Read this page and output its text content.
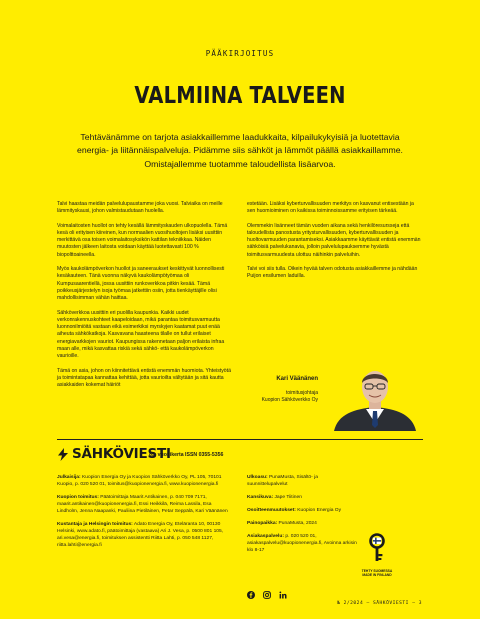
PÄÄKIRJOITUS
VALMIINA TALVEEN
Tehtävänämme on tarjota asiakkaillemme laadukkaita, kilpailukykyisiä ja luotettavia energia- ja liitännäispalveluja. Pidämme siis sähköt ja lämmöt päällä asiakkaillamme. Omistajallemme tuotamme taloudellista lisäarvoa.

Talvi haastaa meidän palvelulupaustamme joka vuosi. Talviaika on meille lämmityskausi, johon valmistaudutaan huolella.

Voimalaitosten huollot on tehty kesällä lämmityskauden ulkopuolella. Tämä kesä oli erityisen kiireinen, kun normaalien vuosihuoltojen lisäksi uusittiin merkittävä osa toisen voimalaitosyksikön kattilan tekniikkaa. Näiden muutosten jälkeen laitosta voidaan käyttää luotettavasti 100 % biopolttoaineella.

Myös kaukolämpöverkon huollot ja saneeraukset keskittyvät luonnollisesti kesäkauteen. Tänä vuonna näkyvä kaukolämpötyömaa oli Kumpusaarentiellä, jossa uusittiin runkoverkkoa pitkin kesää. Tämä poikkeusjärjestelyn isoja työmaa jatkettiin osiin, jotta tienkäyttäjille olisi mahdollisimman vähän haittaa.

Sähköverkkoa uusittiin eri puolilla kaupunkia. Kaikki uudet verkonrakennuskohteet kaapeloidaan, mikä parantaa toimitusvarmuutta luonnonilmiöitä vastaan eikä esimerkiksi myrskyjen kaatamat puut enää aiheuta sähkökatkoja. Kasvavana haasteena tilalle on tullut erilaiset energiavarkkojen vauriot. Kaupungissa rakennetaan paljon erilaista infraa maan alle, mikä kasvattaa riskiä sekä sähkö- että kaukolämpöverkon vaurioille.

Tämä on asia, johon on kiinnitettävä entistä enemmän huomiota. Yhteistyötä ja toimintatapaa kannattaa kehittää, jotta vaurioilta vältytään ja sitä kautta asiakkaiden kokemat häiriöt

estetään. Lisäksi kyberturvallisuuden merkitys on kasvanut entisestään ja sen huomioiminen on kaikissa toiminnoissamme erityisen tärkeää.

Olemmekin lisänneet tämän vuoden aikana sekä henkilöresursseja että taloudellista panostusta yritysturvallisuuden, kyberturvallisuuden ja huoltovarmuuden parantamiseksi. Asiakkaamme käyttävät entistä enemmän sähköisiä palvelukanavia, jolloin palvelulupauksemme hyvästä toimitusvarmuudesta ulottuu näihinkin palveluihin.

Talvi voi siis tulla. Oikein hyvää talven odotusta asiakkaillemme ja nähdään Puijon ensilumen laduilla.

Kari Väänänen
toimitusjohtaja
Kuopion Sähköverkko Oy
SÄHKÖVIESTI
85. vuosikerta ISSN 0355-5356

Julkaisija: Kuopion Energia Oy ja Kuopion Sähköverkko Oy, PL 105, 70101 Kuopio, p. 020 520 01, toimitus@kuopionenergia.fi, www.kuopionenergia.fi

Kuopion toimitus: Päätoimittaja Maarit Antikainen, p. 040 709 7171, maarit.antikainen@kuopionenergia.fi, Essi Heikkilä, Reima Lassila, Esa Lindholm, Jenna Naapanki, Pauliina Pietiläinen, Petar Seppälä, Kari Väänänen

Kustantaja ja Helsingin toimitus: Adato Energia Oy, Eteläranta 10, 00130 Helsinki, www.adato.fi, päätoimittaja (vastaava) Ari J. Vesa, p. 0500 801 105, ari.vesa@energia.fi, toimituksen assistentti Riitta Lahti, p. 050 548 1127, riitta.lahti@energia.fi

Ulkoasu: PunaMusta, Sisältö- ja suunnittelupalvelut

Kansikuva: Jape Tiitinen

Osoitteenmuutokset: Kuopion Energia Oy

Painopaikka: PunaMusta, 2024

Asiakaspalvelu: p. 020 520 01, asiakaspalvelu@kuopionenergia.fi, Avoinna arkisin klo 8-17

TEHTY SUOMESSA
MADE IN FINLAND
№ 2/2024 — SÄHKÖVIESTI — 3
